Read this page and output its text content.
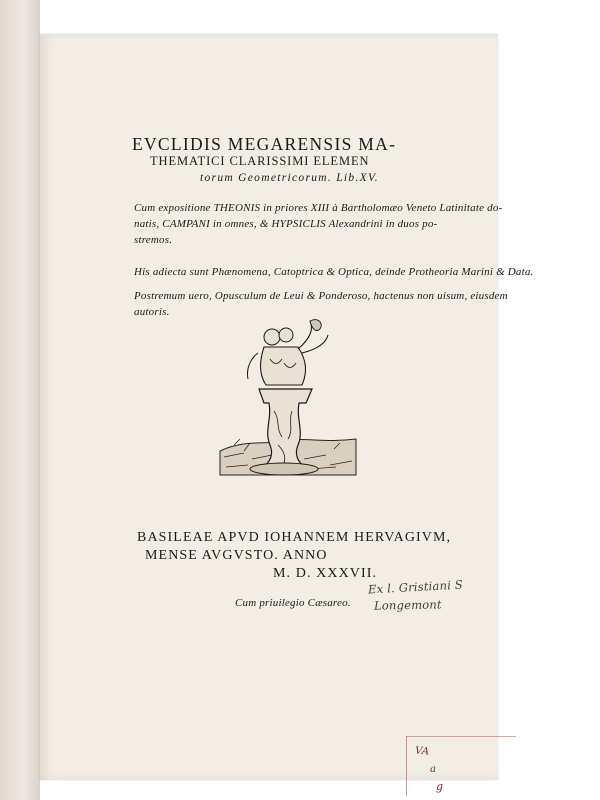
EVCLIDIS MEGARENSIS MA-
THEMATICI CLARISSIMI ELEMEN
torum Geometricorum. Lib.XV.
Cum expositione THEONIS in priores XIII à Bartholomæo Veneto Latinitate do-
natis, CAMPANI in omnes, & HYPSICLIS Alexandrini in duos po-
stremos.
His adiecta sunt Phænomena, Catoptrica & Optica, deinde Protheoria Marini & Data.
Postremum uero, Opusculum de Leui & Ponderoso, hactenus non uisum, eiusdem
autoris.
BASILEAE APVD IOHANNEM HERVAGIVM,
MENSE AVGVSTO. ANNO
M. D. XXXVII.
Cum priuilegio Cæsareo.
Ex l. Gristiani S
Longemont
VA
a
g
